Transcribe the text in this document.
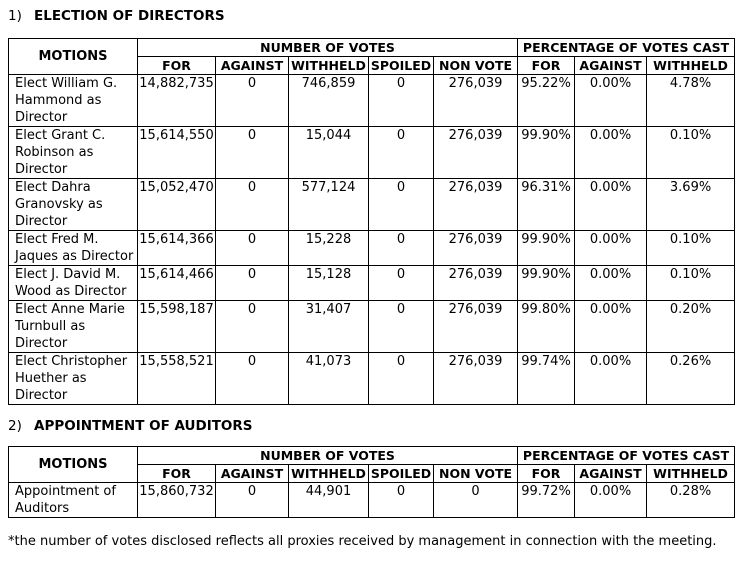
1) ELECTION OF DIRECTORS
MOTIONS	NUMBER OF VOTES					PERCENTAGE OF VOTES CAST		
	FOR	AGAINST	WITHHELD	SPOILED	NON VOTE	FOR	AGAINST	WITHHELD
Elect William G. Hammond as Director	14,882,735	0	746,859	0	276,039	95.22%	0.00%	4.78%
Elect Grant C. Robinson as Director	15,614,550	0	15,044	0	276,039	99.90%	0.00%	0.10%
Elect Dahra Granovsky as Director	15,052,470	0	577,124	0	276,039	96.31%	0.00%	3.69%
Elect Fred M. Jaques as Director	15,614,366	0	15,228	0	276,039	99.90%	0.00%	0.10%
Elect J. David M. Wood as Director	15,614,466	0	15,128	0	276,039	99.90%	0.00%	0.10%
Elect Anne Marie Turnbull as Director	15,598,187	0	31,407	0	276,039	99.80%	0.00%	0.20%
Elect Christopher Huether as Director	15,558,521	0	41,073	0	276,039	99.74%	0.00%	0.26%
2) APPOINTMENT OF AUDITORS
MOTIONS	NUMBER OF VOTES					PERCENTAGE OF VOTES CAST		
	FOR	AGAINST	WITHHELD	SPOILED	NON VOTE	FOR	AGAINST	WITHHELD
Appointment of Auditors	15,860,732	0	44,901	0	0	99.72%	0.00%	0.28%
*the number of votes disclosed reflects all proxies received by management in connection with the meeting.
